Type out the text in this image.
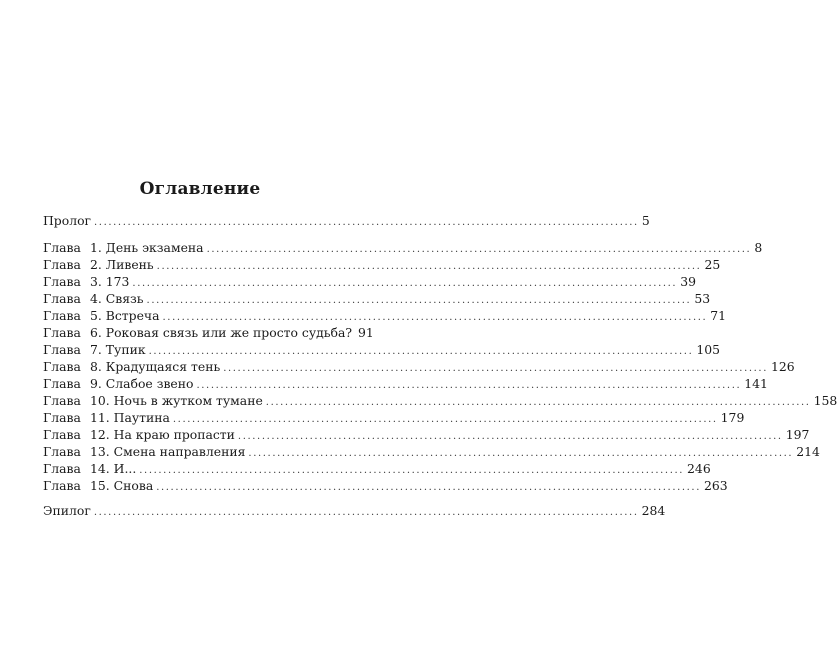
Оглавление
Пролог .................................................................................................................. 5
Глава 1. День экзамена .................................................................................................................. 8
Глава 2. Ливень .................................................................................................................. 25
Глава 3. 173 .................................................................................................................. 39
Глава 4. Связь .................................................................................................................. 53
Глава 5. Встреча .................................................................................................................. 71
Глава 6. Роковая связь или же просто судьба? 91
Глава 7. Тупик .................................................................................................................. 105
Глава 8. Крадущаяся тень .................................................................................................................. 126
Глава 9. Слабое звено .................................................................................................................. 141
Глава 10. Ночь в жутком тумане .................................................................................................................. 158
Глава 11. Паутина .................................................................................................................. 179
Глава 12. На краю пропасти .................................................................................................................. 197
Глава 13. Смена направления .................................................................................................................. 214
Глава 14. И... .................................................................................................................. 246
Глава 15. Снова .................................................................................................................. 263
Эпилог .................................................................................................................. 284
